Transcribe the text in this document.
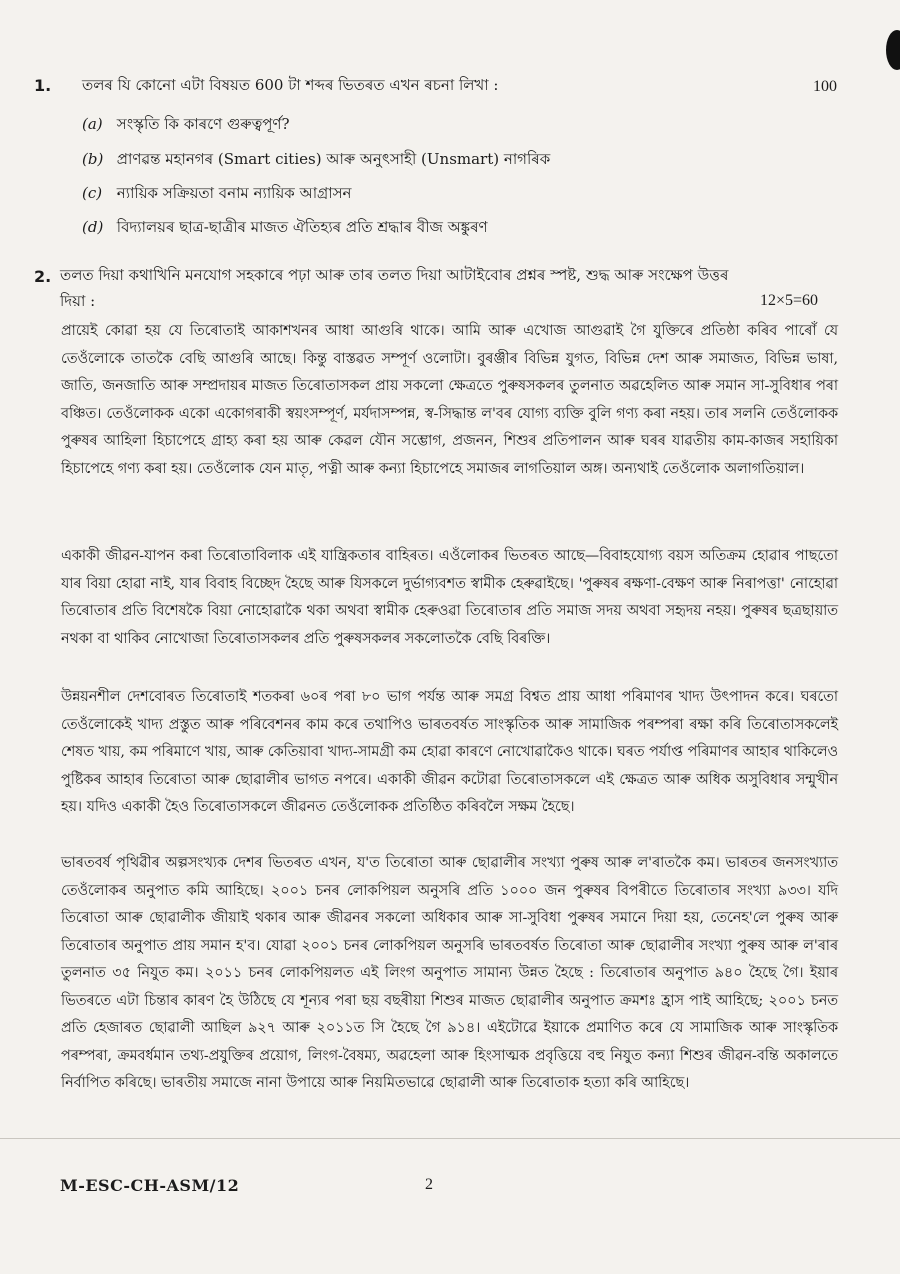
1. তলৰ যি কোনো এটা বিষয়ত 600 টা শব্দৰ ভিতৰত এখন ৰচনা লিখা :	100
(a) সংস্কৃতি কি কাৰণে গুৰুত্বপূৰ্ণ?
(b) প্ৰাণৱন্ত মহানগৰ (Smart cities) আৰু অনুৎসাহী (Unsmart) নাগৰিক
(c) ন্যায়িক সক্ৰিয়তা বনাম ন্যায়িক আগ্ৰাসন
(d) বিদ্যালয়ৰ ছাত্ৰ-ছাত্ৰীৰ মাজত ঐতিহ্যৰ প্ৰতি শ্ৰদ্ধাৰ বীজ অঙ্কুৰণ
2. তলত দিয়া কথাখিনি মনযোগ সহকাৰে পঢ়া আৰু তাৰ তলত দিয়া আটাইবোৰ প্ৰশ্নৰ স্পষ্ট, শুদ্ধ আৰু সংক্ষেপ উত্তৰ
দিয়া :	12×5=60
প্ৰায়েই কোৱা হয় যে তিৰোতাই আকাশখনৰ আধা আগুৰি থাকে। আমি আৰু এখোজ আগুৱাই গৈ যুক্তিৰে প্ৰতিষ্ঠা কৰিব পাৰোঁ যে তেওঁলোকে তাতকৈ বেছি আগুৰি আছে। কিন্তু বাস্তৱত সম্পূৰ্ণ ওলোটা। বুৰঞ্জীৰ বিভিন্ন যুগত, বিভিন্ন দেশ আৰু সমাজত, বিভিন্ন ভাষা, জাতি, জনজাতি আৰু সম্প্ৰদায়ৰ মাজত তিৰোতাসকল প্ৰায় সকলো ক্ষেত্ৰতে পুৰুষসকলৰ তুলনাত অৱহেলিত আৰু সমান সা-সুবিধাৰ পৰা বঞ্চিত। তেওঁলোকক একো একোগৰাকী স্বয়ংসম্পূৰ্ণ, মৰ্যদাসম্পন্ন, স্ব-সিদ্ধান্ত ল'বৰ যোগ্য ব্যক্তি বুলি গণ্য কৰা নহয়। তাৰ সলনি তেওঁলোকক পুৰুষৰ আহিলা হিচাপেহে গ্ৰাহ্য কৰা হয় আৰু কেৱল যৌন সম্ভোগ, প্ৰজনন, শিশুৰ প্ৰতিপালন আৰু ঘৰৰ যাৱতীয় কাম-কাজৰ সহায়িকা হিচাপেহে গণ্য কৰা হয়। তেওঁলোক যেন মাতৃ, পত্নী আৰু কন্যা হিচাপেহে সমাজৰ লাগতিয়াল অঙ্গ। অন্যথাই তেওঁলোক অলাগতিয়াল।
একাকী জীৱন-যাপন কৰা তিৰোতাবিলাক এই যান্ত্ৰিকতাৰ বাহিৰত। এওঁলোকৰ ভিতৰত আছে—বিবাহযোগ্য বয়স অতিক্ৰম হোৱাৰ পাছতো যাৰ বিয়া হোৱা নাই, যাৰ বিবাহ বিচ্ছেদ হৈছে আৰু যিসকলে দুৰ্ভাগ্যবশত স্বামীক হেৰুৱাইছে। 'পুৰুষৰ ৰক্ষণা-বেক্ষণ আৰু নিৰাপত্তা' নোহোৱা তিৰোতাৰ প্ৰতি বিশেষকৈ বিয়া নোহোৱাকৈ থকা অথবা স্বামীক হেৰুওৱা তিৰোতাৰ প্ৰতি সমাজ সদয় অথবা সহৃদয় নহয়। পুৰুষৰ ছত্ৰছায়াত নথকা বা থাকিব নোখোজা তিৰোতাসকলৰ প্ৰতি পুৰুষসকলৰ সকলোতকৈ বেছি বিৰক্তি।
উন্নয়নশীল দেশবোৰত তিৰোতাই শতকৰা ৬০ৰ পৰা ৮০ ভাগ পৰ্যন্ত আৰু সমগ্ৰ বিশ্বত প্ৰায় আধা পৰিমাণৰ খাদ্য উৎপাদন কৰে। ঘৰতো তেওঁলোকেই খাদ্য প্ৰস্তুত আৰু পৰিবেশনৰ কাম কৰে তথাপিও ভাৰতবৰ্ষত সাংস্কৃতিক আৰু সামাজিক পৰম্পৰা ৰক্ষা কৰি তিৰোতাসকলেই শেষত খায়, কম পৰিমাণে খায়, আৰু কেতিয়াবা খাদ্য-সামগ্ৰী কম হোৱা কাৰণে নোখোৱাকৈও থাকে। ঘৰত পৰ্যাপ্ত পৰিমাণৰ আহাৰ থাকিলেও পুষ্টিকৰ আহাৰ তিৰোতা আৰু ছোৱালীৰ ভাগত নপৰে। একাকী জীৱন কটোৱা তিৰোতাসকলে এই ক্ষেত্ৰত আৰু অধিক অসুবিধাৰ সন্মুখীন হয়। যদিও একাকী হৈও তিৰোতাসকলে জীৱনত তেওঁলোকক প্ৰতিষ্ঠিত কৰিবলৈ সক্ষম হৈছে।
ভাৰতবৰ্ষ পৃথিৱীৰ অল্পসংখ্যক দেশৰ ভিতৰত এখন, য'ত তিৰোতা আৰু ছোৱালীৰ সংখ্যা পুৰুষ আৰু ল'ৰাতকৈ কম। ভাৰতৰ জনসংখ্যাত তেওঁলোকৰ অনুপাত কমি আহিছে। ২০০১ চনৰ লোকপিয়ল অনুসৰি প্ৰতি ১০০০ জন পুৰুষৰ বিপৰীতে তিৰোতাৰ সংখ্যা ৯৩৩। যদি তিৰোতা আৰু ছোৱালীক জীয়াই থকাৰ আৰু জীৱনৰ সকলো অধিকাৰ আৰু সা-সুবিধা পুৰুষৰ সমানে দিয়া হয়, তেনেহ'লে পুৰুষ আৰু তিৰোতাৰ অনুপাত প্ৰায় সমান হ'ব। যোৱা ২০০১ চনৰ লোকপিয়ল অনুসৰি ভাৰতবৰ্ষত তিৰোতা আৰু ছোৱালীৰ সংখ্যা পুৰুষ আৰু ল'ৰাৰ তুলনাত ৩৫ নিযুত কম। ২০১১ চনৰ লোকপিয়লত এই লিংগ অনুপাত সামান্য উন্নত হৈছে : তিৰোতাৰ অনুপাত ৯৪০ হৈছে গৈ। ইয়াৰ ভিতৰতে এটা চিন্তাৰ কাৰণ হৈ উঠিছে যে শূন্যৰ পৰা ছয় বছৰীয়া শিশুৰ মাজত ছোৱালীৰ অনুপাত ক্ৰমশঃ হ্ৰাস পাই আহিছে; ২০০১ চনত প্ৰতি হেজাৰত ছোৱালী আছিল ৯২৭ আৰু ২০১১ত সি হৈছে গৈ ৯১৪। এইটোৱে ইয়াকে প্ৰমাণিত কৰে যে সামাজিক আৰু সাংস্কৃতিক পৰম্পৰা, ক্ৰমবৰ্ধমান তথ্য-প্ৰযুক্তিৰ প্ৰয়োগ, লিংগ-বৈষম্য, অৱহেলা আৰু হিংসাত্মক প্ৰবৃত্তিয়ে বহু নিযুত কন্যা শিশুৰ জীৱন-বন্তি অকালতে নিৰ্বাপিত কৰিছে। ভাৰতীয় সমাজে নানা উপায়ে আৰু নিয়মিতভাৱে ছোৱালী আৰু তিৰোতাক হত্যা কৰি আহিছে।
M-ESC-CH-ASM/12	2
